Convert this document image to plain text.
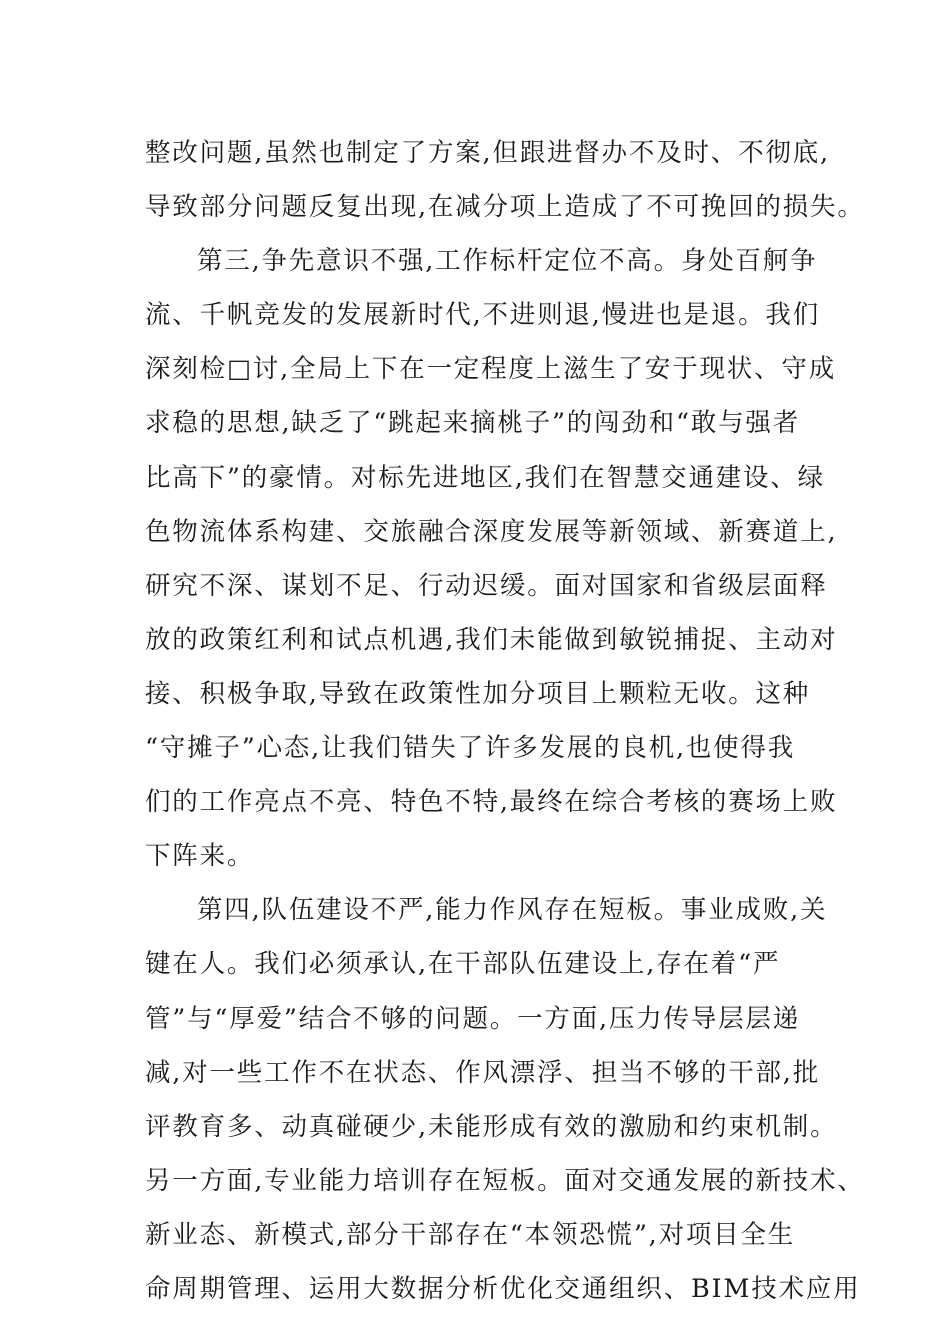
整改问题,虽然也制定了方案,但跟进督办不及时、不彻底,
导致部分问题反复出现,在减分项上造成了不可挽回的损失。
第三,争先意识不强,工作标杆定位不高。身处百舸争
流、千帆竞发的发展新时代,不进则退,慢进也是退。我们
深刻检□讨,全局上下在一定程度上滋生了安于现状、守成
求稳的思想,缺乏了“跳起来摘桃子”的闯劲和“敢与强者
比高下”的豪情。对标先进地区,我们在智慧交通建设、绿
色物流体系构建、交旅融合深度发展等新领域、新赛道上,
研究不深、谋划不足、行动迟缓。面对国家和省级层面释
放的政策红利和试点机遇,我们未能做到敏锐捕捉、主动对
接、积极争取,导致在政策性加分项目上颗粒无收。这种
“守摊子”心态,让我们错失了许多发展的良机,也使得我
们的工作亮点不亮、特色不特,最终在综合考核的赛场上败
下阵来。
第四,队伍建设不严,能力作风存在短板。事业成败,关
键在人。我们必须承认,在干部队伍建设上,存在着“严
管”与“厚爱”结合不够的问题。一方面,压力传导层层递
减,对一些工作不在状态、作风漂浮、担当不够的干部,批
评教育多、动真碰硬少,未能形成有效的激励和约束机制。
另一方面,专业能力培训存在短板。面对交通发展的新技术、
新业态、新模式,部分干部存在“本领恐慌”,对项目全生
命周期管理、运用大数据分析优化交通组织、BIM技术应用
